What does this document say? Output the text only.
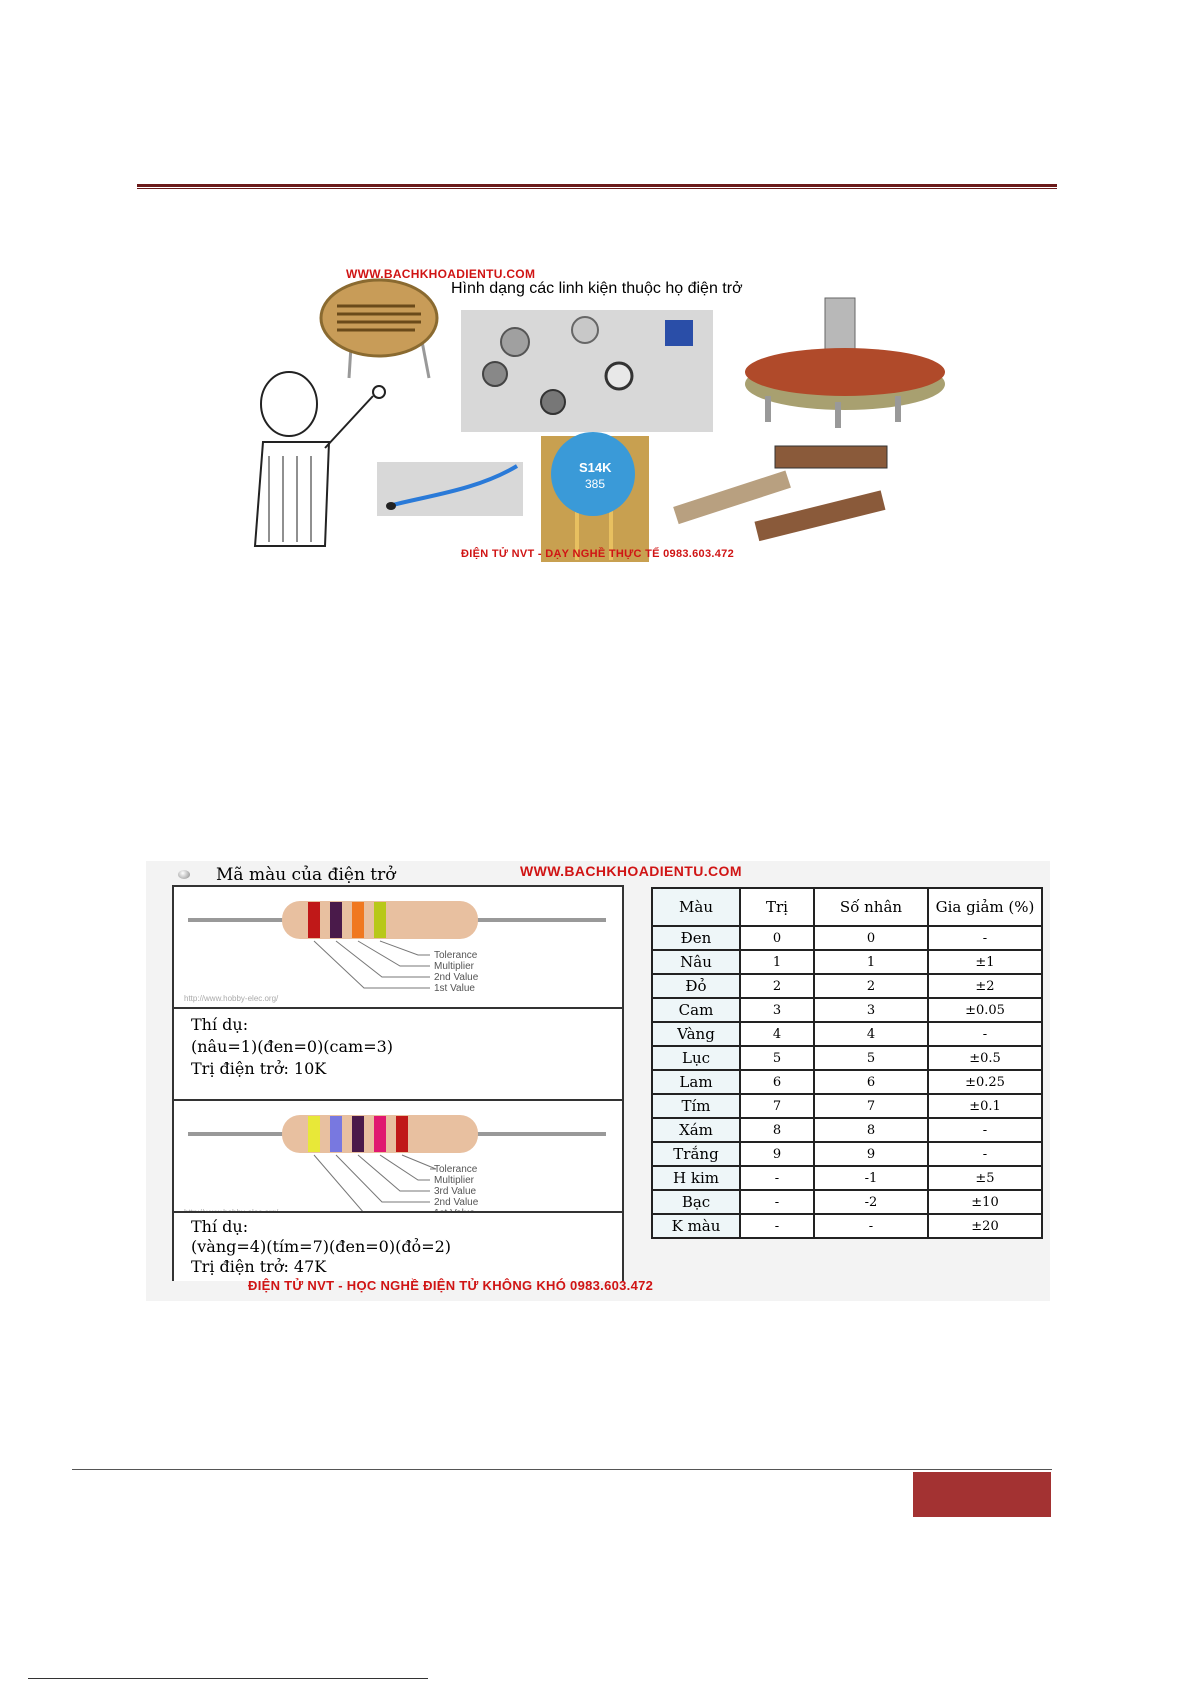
S14K
385
WWW.BACHKHOADIENTU.COM
Hình dạng các linh kiện thuộc họ điện trở
ĐIỆN TỬ NVT - DẠY NGHỀ THỰC TẾ 0983.603.472
Mã màu của điện trở	WWW.BACHKHOADIENTU.COM
Tolerance
Multiplier
2nd Value
1st Value
http://www.hobby-elec.org/
Thí dụ:
(nâu=1)(đen=0)(cam=3)
Trị điện trở: 10K
Tolerance
Multiplier
3rd Value
2nd Value
Thí dụ:
(vàng=4)(tím=7)(đen=0)(đỏ=2)
Trị điện trở: 47K
Màu	Trị	Số nhân	Gia giảm (%)
Đen	0	0	-
Nâu	1	1	±1
Đỏ	2	2	±2
Cam	3	3	±0.05
Vàng	4	4	-
Lục	5	5	±0.5
Lam	6	6	±0.25
Tím	7	7	±0.1
Xám	8	8	-
Trắng	9	9	-
H kim	-	-1	±5
Bạc	-	-2	±10
K màu	-	-	±20
ĐIỆN TỬ NVT - HỌC NGHỀ ĐIỆN TỬ KHÔNG KHÓ 0983.603.472
